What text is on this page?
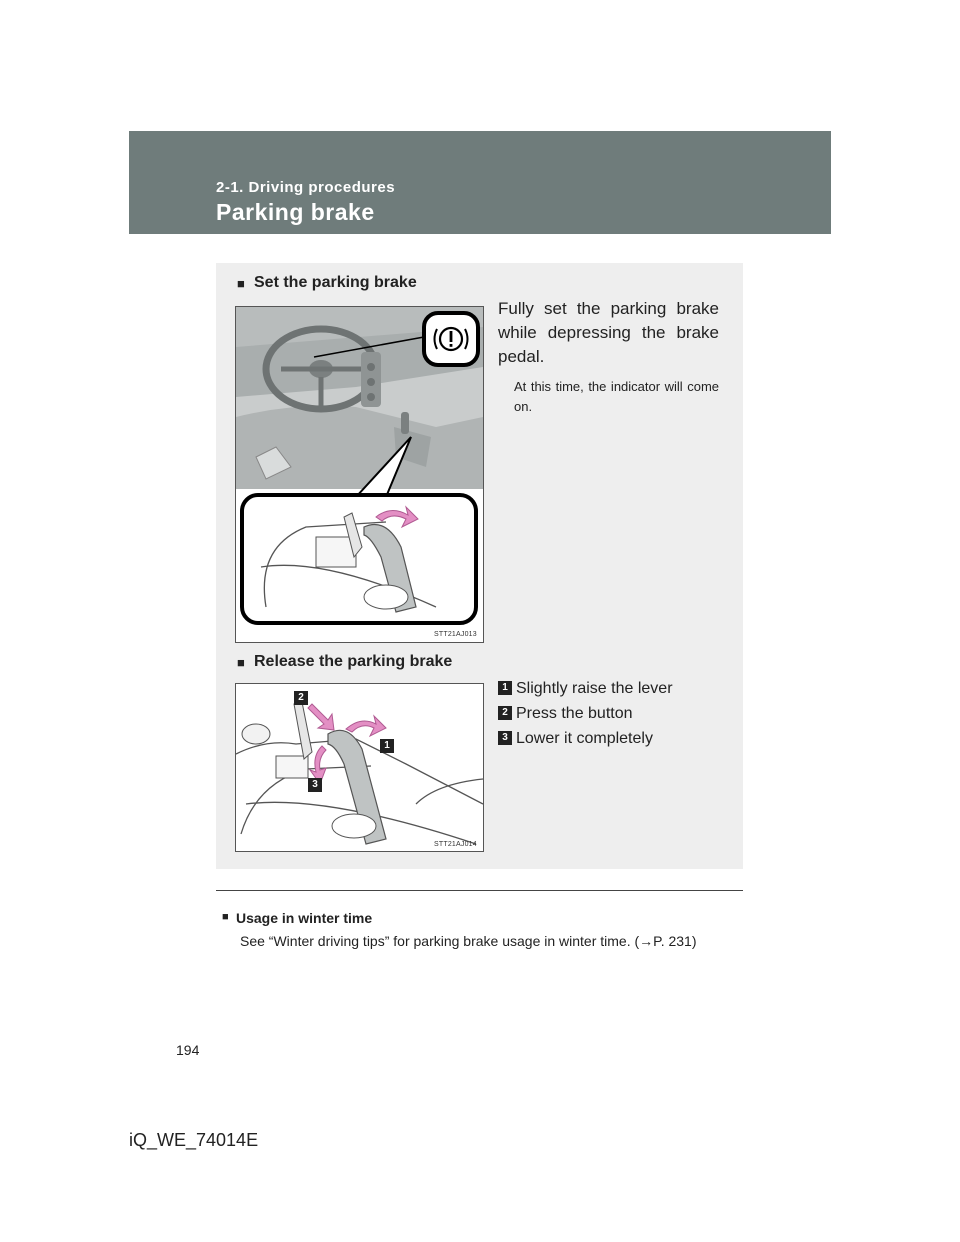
2-1. Driving procedures
Parking brake
■ Set the parking brake
STT21AJ013
Fully set the parking brake while depressing the brake pedal.
At this time, the indicator will come on.
■ Release the parking brake
2
1
3
STT21AJ014
1 Slightly raise the lever
2 Press the button
3 Lower it completely
■ Usage in winter time
See “Winter driving tips” for parking brake usage in winter time. (→P. 231)
194
iQ_WE_74014E
